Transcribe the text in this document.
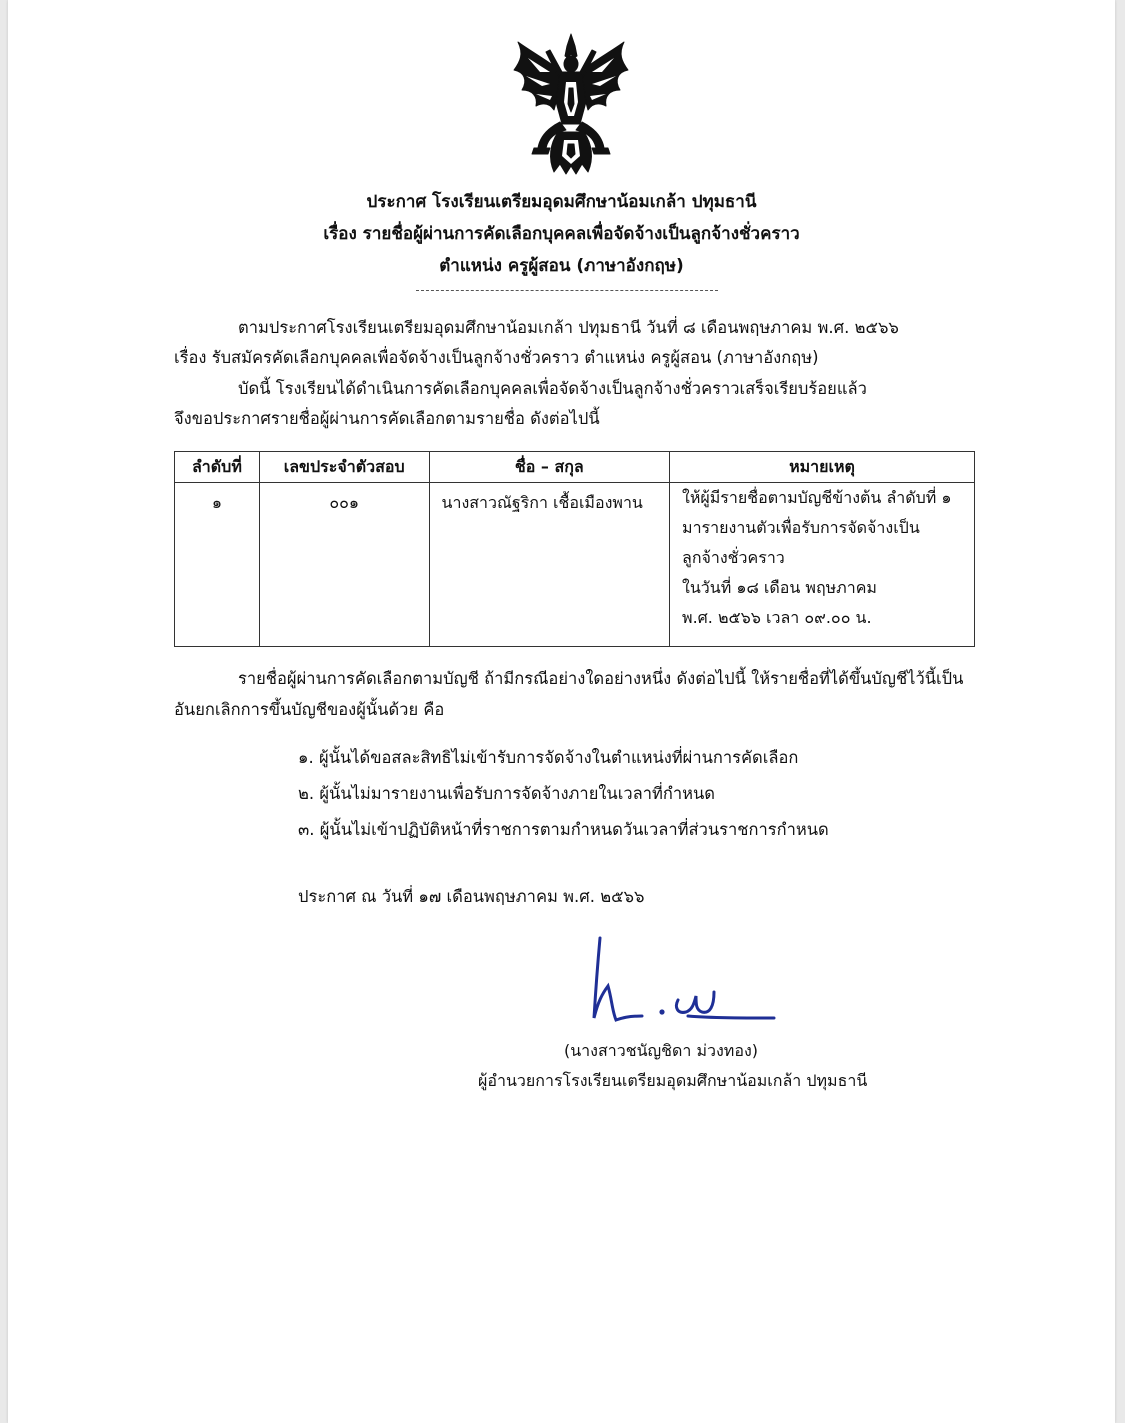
ประกาศ โรงเรียนเตรียมอุดมศึกษาน้อมเกล้า ปทุมธานี
เรื่อง รายชื่อผู้ผ่านการคัดเลือกบุคคลเพื่อจัดจ้างเป็นลูกจ้างชั่วคราว
ตำแหน่ง ครูผู้สอน (ภาษาอังกฤษ)
ตามประกาศโรงเรียนเตรียมอุดมศึกษาน้อมเกล้า ปทุมธานี วันที่ ๘ เดือนพฤษภาคม พ.ศ. ๒๕๖๖
เรื่อง รับสมัครคัดเลือกบุคคลเพื่อจัดจ้างเป็นลูกจ้างชั่วคราว ตำแหน่ง ครูผู้สอน (ภาษาอังกฤษ)
บัดนี้ โรงเรียนได้ดำเนินการคัดเลือกบุคคลเพื่อจัดจ้างเป็นลูกจ้างชั่วคราวเสร็จเรียบร้อยแล้ว
จึงขอประกาศรายชื่อผู้ผ่านการคัดเลือกตามรายชื่อ ดังต่อไปนี้
ลำดับที่	เลขประจำตัวสอบ	ชื่อ – สกุล	หมายเหตุ
๑	๐๐๑	นางสาวณัฐริกา เชื้อเมืองพาน	ให้ผู้มีรายชื่อตามบัญชีข้างต้น ลำดับที่ ๑
มารายงานตัวเพื่อรับการจัดจ้างเป็น
ลูกจ้างชั่วคราว
ในวันที่ ๑๘ เดือน พฤษภาคม
พ.ศ. ๒๕๖๖ เวลา ๐๙.๐๐ น.
รายชื่อผู้ผ่านการคัดเลือกตามบัญชี ถ้ามีกรณีอย่างใดอย่างหนึ่ง ดังต่อไปนี้ ให้รายชื่อที่ได้ขึ้นบัญชีไว้นี้เป็น
อันยกเลิกการขึ้นบัญชีของผู้นั้นด้วย คือ
๑. ผู้นั้นได้ขอสละสิทธิไม่เข้ารับการจัดจ้างในตำแหน่งที่ผ่านการคัดเลือก
๒. ผู้นั้นไม่มารายงานเพื่อรับการจัดจ้างภายในเวลาที่กำหนด
๓. ผู้นั้นไม่เข้าปฏิบัติหน้าที่ราชการตามกำหนดวันเวลาที่ส่วนราชการกำหนด
ประกาศ ณ วันที่ ๑๗ เดือนพฤษภาคม พ.ศ. ๒๕๖๖
(นางสาวชนัญชิดา ม่วงทอง)
ผู้อำนวยการโรงเรียนเตรียมอุดมศึกษาน้อมเกล้า ปทุมธานี
